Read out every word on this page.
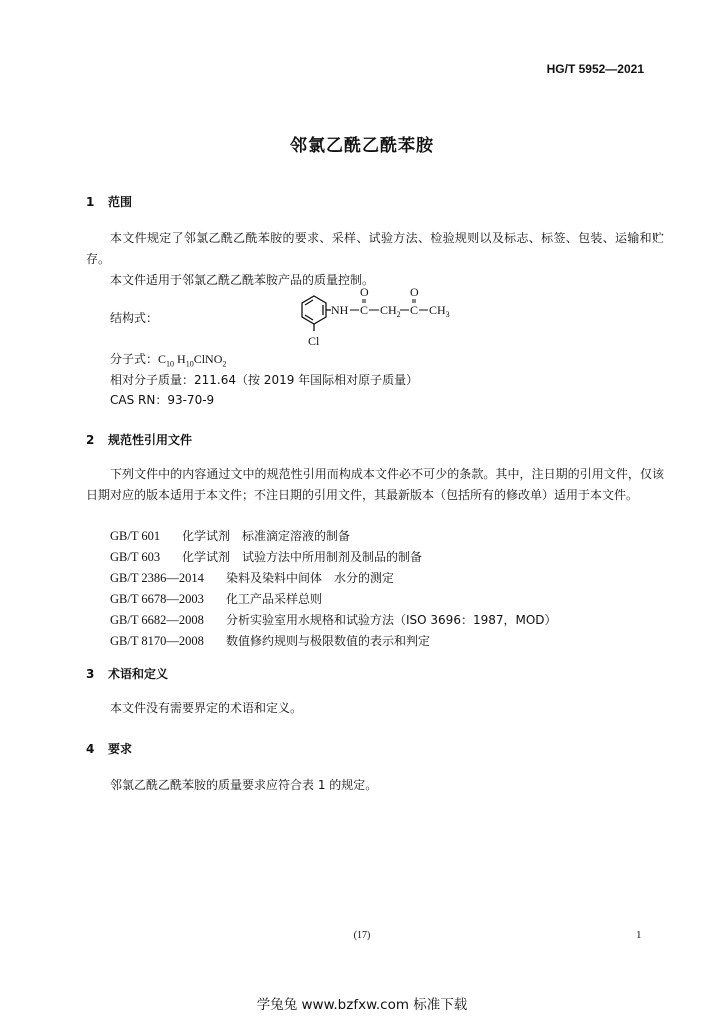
HG/T 5952—2021
邻氯乙酰乙酰苯胺
1 范围
本文件规定了邻氯乙酰乙酰苯胺的要求、采样、试验方法、检验规则以及标志、标签、包装、运输和贮存。
本文件适用于邻氯乙酰乙酰苯胺产品的质量控制。
结构式：
NH
Cl
C
O
$CH_2$ C
O
$CH_3$
分子式：$C_{10}$ $H_{10}ClNO_2$
相对分子质量：211.64（按 2019 年国际相对原子质量）
CAS RN：93-70-9
2 规范性引用文件
下列文件中的内容通过文中的规范性引用而构成本文件必不可少的条款。其中，注日期的引用文件，仅该日期对应的版本适用于本文件；不注日期的引用文件，其最新版本（包括所有的修改单）适用于本文件。
GB/T 601 化学试剂　标准滴定溶液的制备
GB/T 603 化学试剂　试验方法中所用制剂及制品的制备
GB/T 2386—2014 染料及染料中间体　水分的测定
GB/T 6678—2003 化工产品采样总则
GB/T 6682—2008 分析实验室用水规格和试验方法（ISO 3696：1987，MOD）
GB/T 8170—2008 数值修约规则与极限数值的表示和判定
3 术语和定义
本文件没有需要界定的术语和定义。
4 要求
邻氯乙酰乙酰苯胺的质量要求应符合表 1 的规定。
(17)	1
学兔兔 www.bzfxw.com 标准下载
